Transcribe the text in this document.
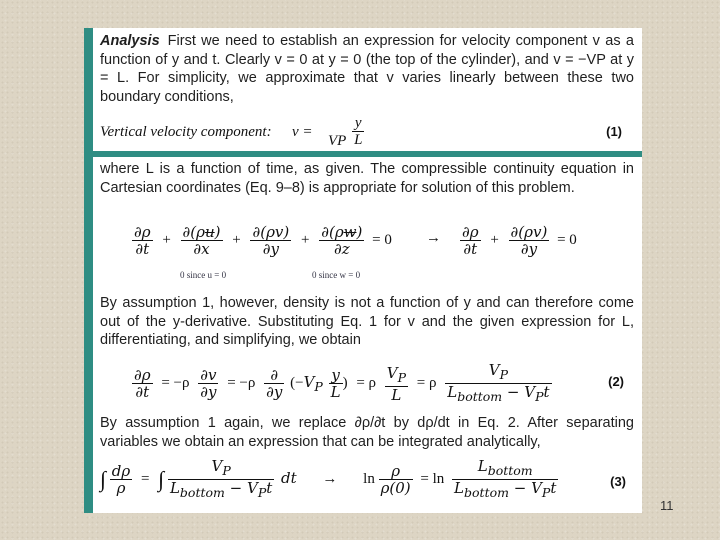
Analysis First we need to establish an expression for velocity component v as a function of y and t. Clearly v = 0 at y = 0 (the top of the cylinder), and v = −VP at y = L. For simplicity, we approximate that v varies linearly between these two boundary conditions,

Vertical velocity component: v =
VP $\frac{y}{L}$	(1)

where L is a function of time, as given. The compressible continuity equation in Cartesian coordinates (Eq. 9–8) is appropriate for solution of this problem.

$\frac{\partial\rho}{\partial t} + \frac{\partial(\rho u)}{\partial x} + \frac{\partial(\rho v)}{\partial y} + \frac{\partial(\rho w)}{\partial z} = 0 \to \frac{\partial\rho}{\partial t} + \frac{\partial(\rho v)}{\partial y} = 0$
0 since u = 0	0 since w = 0

By assumption 1, however, density is not a function of y and can therefore come out of the y-derivative. Substituting Eq. 1 for v and the given expression for L, differentiating, and simplifying, we obtain

$\frac{\partial\rho}{\partial t} = -\rho \frac{\partial v}{\partial y} = -\rho \frac{\partial}{\partial y} (-V_P \frac{y}{L}$ ) = ρ $\frac{V_P}{L} = \rho \frac{V_P}{L_{bottom} - V_Pt}$	(2)

By assumption 1 again, we replace ∂ρ/∂t by dρ/dt in Eq. 2. After separating variables we obtain an expression that can be integrated analytically,

∫ $\frac{d\rho}{\rho}$ = ∫ $\frac{V_P}{L_{bottom} - V_Pt}$ dt → $\ln \frac{\rho}{\rho(0)} = \ln \frac{L_{bottom}}{L_{bottom} - V_Pt}$	(3)
11
